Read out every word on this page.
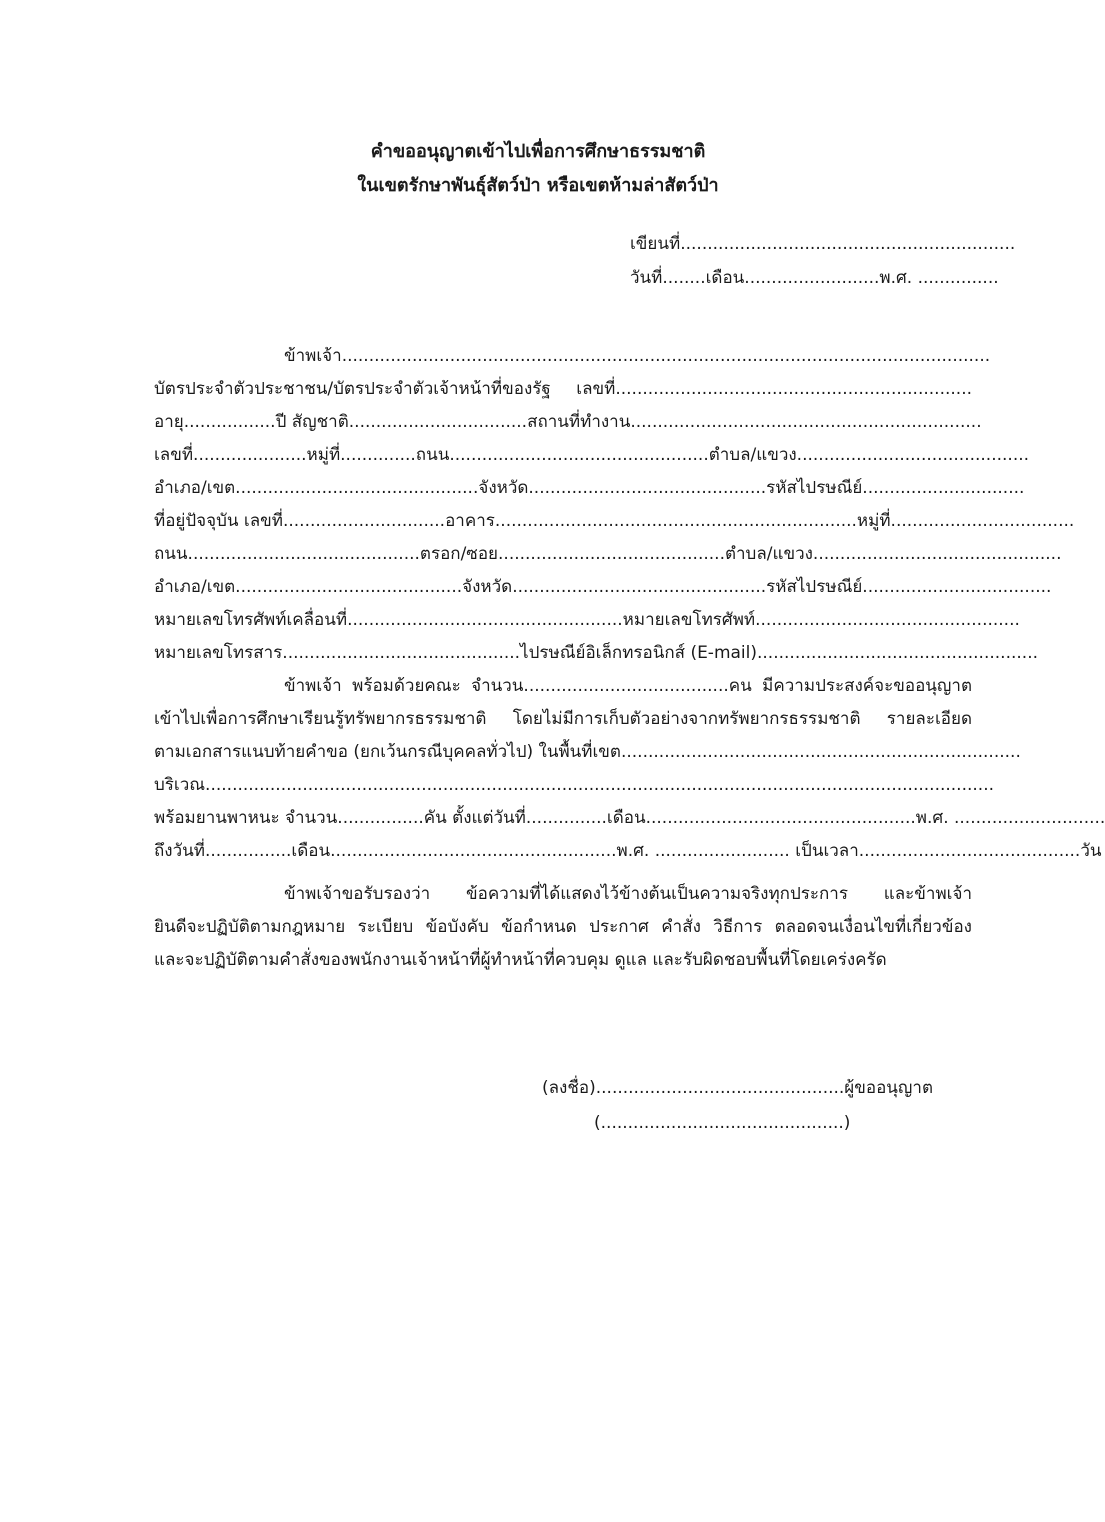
คำขออนุญาตเข้าไปเพื่อการศึกษาธรรมชาติ
ในเขตรักษาพันธุ์สัตว์ป่า หรือเขตห้ามล่าสัตว์ป่า
เขียนที่..............................................................
วันที่........เดือน.........................พ.ศ. ...............
ข้าพเจ้า........................................................................................................................
บัตรประจำตัวประชาชน/บัตรประจำตัวเจ้าหน้าที่ของรัฐ เลขที่..................................................................
อายุ.................ปี สัญชาติ.................................สถานที่ทำงาน.................................................................
เลขที่.....................หมู่ที่..............ถนน................................................ตำบล/แขวง...........................................
อำเภอ/เขต.............................................จังหวัด............................................รหัสไปรษณีย์..............................
ที่อยู่ปัจจุบัน เลขที่..............................อาคาร...................................................................หมู่ที่..................................
ถนน...........................................ตรอก/ซอย..........................................ตำบล/แขวง..............................................
อำเภอ/เขต..........................................จังหวัด...............................................รหัสไปรษณีย์...................................
หมายเลขโทรศัพท์เคลื่อนที่...................................................หมายเลขโทรศัพท์.................................................
หมายเลขโทรสาร............................................ไปรษณีย์อิเล็กทรอนิกส์ (E-mail)....................................................
ข้าพเจ้า พร้อมด้วยคณะ จำนวน......................................คน มีความประสงค์จะขออนุญาต
เข้าไปเพื่อการศึกษาเรียนรู้ทรัพยากรธรรมชาติ โดยไม่มีการเก็บตัวอย่างจากทรัพยากรธรรมชาติ รายละเอียด
ตามเอกสารแนบท้ายคำขอ (ยกเว้นกรณีบุคคลทั่วไป) ในพื้นที่เขต..........................................................................
บริเวณ..................................................................................................................................................
พร้อมยานพาหนะ จำนวน................คัน ตั้งแต่วันที่...............เดือน..................................................พ.ศ. ............................
ถึงวันที่................เดือน.....................................................พ.ศ. ......................... เป็นเวลา.........................................วัน
ข้าพเจ้าขอรับรองว่า ข้อความที่ได้แสดงไว้ข้างต้นเป็นความจริงทุกประการ และข้าพเจ้า
ยินดีจะปฏิบัติตามกฎหมาย ระเบียบ ข้อบังคับ ข้อกำหนด ประกาศ คำสั่ง วิธีการ ตลอดจนเงื่อนไขที่เกี่ยวข้อง
และจะปฏิบัติตามคำสั่งของพนักงานเจ้าหน้าที่ผู้ทำหน้าที่ควบคุม ดูแล และรับผิดชอบพื้นที่โดยเคร่งครัด
(ลงชื่อ)..............................................ผู้ขออนุญาต
(.............................................)
